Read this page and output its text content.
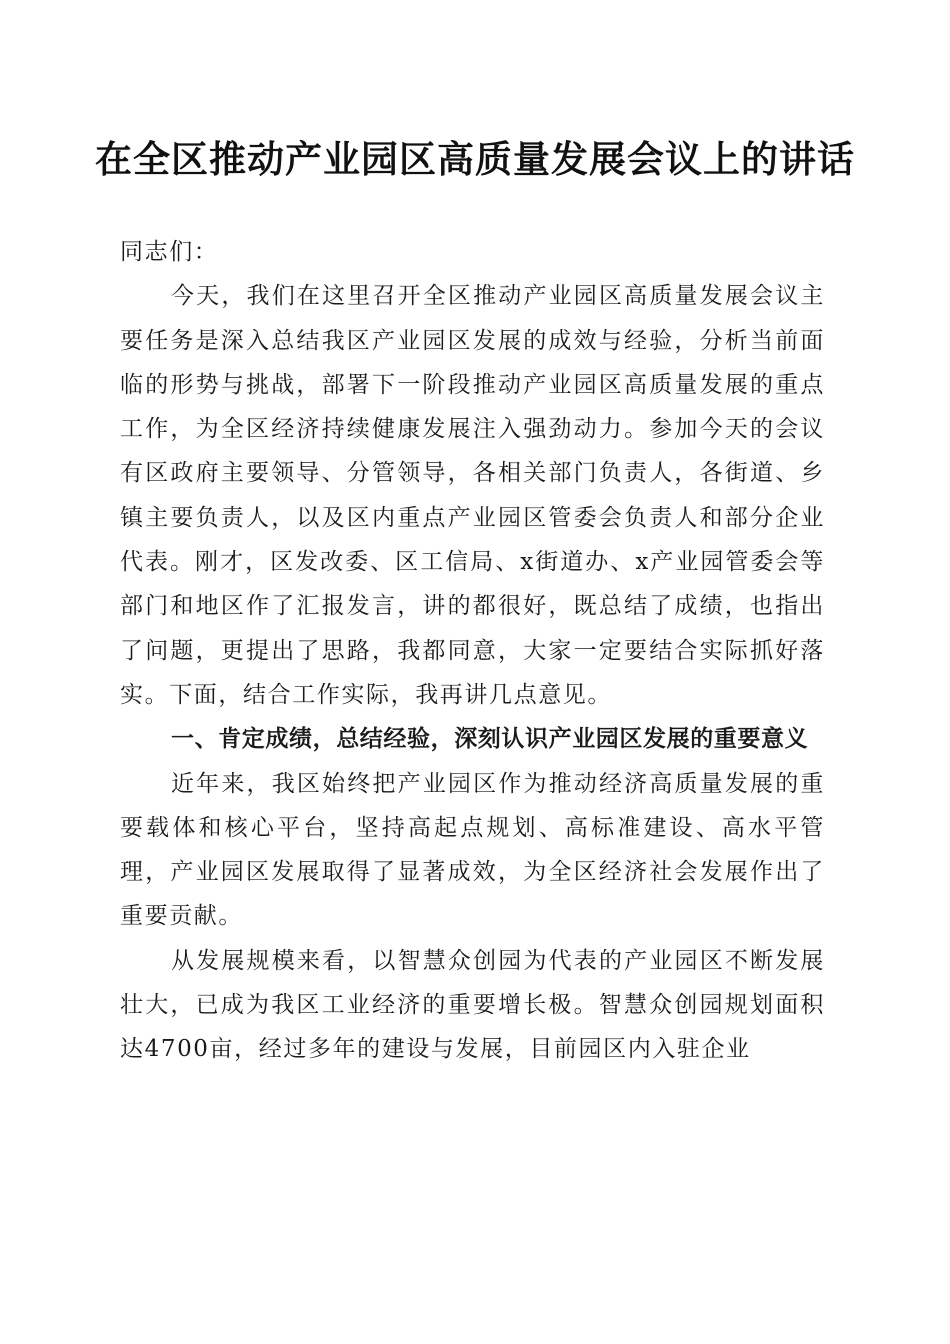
在全区推动产业园区高质量发展会议上的讲话

同志们：

今天，我们在这里召开全区推动产业园区高质量发展会议主要任务是深入总结我区产业园区发展的成效与经验，分析当前面临的形势与挑战，部署下一阶段推动产业园区高质量发展的重点工作，为全区经济持续健康发展注入强劲动力。参加今天的会议有区政府主要领导、分管领导，各相关部门负责人，各街道、乡镇主要负责人，以及区内重点产业园区管委会负责人和部分企业代表。刚才，区发改委、区工信局、x街道办、x产业园管委会等部门和地区作了汇报发言，讲的都很好，既总结了成绩，也指出了问题，更提出了思路，我都同意，大家一定要结合实际抓好落实。下面，结合工作实际，我再讲几点意见。

一、肯定成绩，总结经验，深刻认识产业园区发展的重要意义

近年来，我区始终把产业园区作为推动经济高质量发展的重要载体和核心平台，坚持高起点规划、高标准建设、高水平管理，产业园区发展取得了显著成效，为全区经济社会发展作出了重要贡献。

从发展规模来看，以智慧众创园为代表的产业园区不断发展壮大，已成为我区工业经济的重要增长极。智慧众创园规划面积达4700亩，经过多年的建设与发展，目前园区内入驻企业
